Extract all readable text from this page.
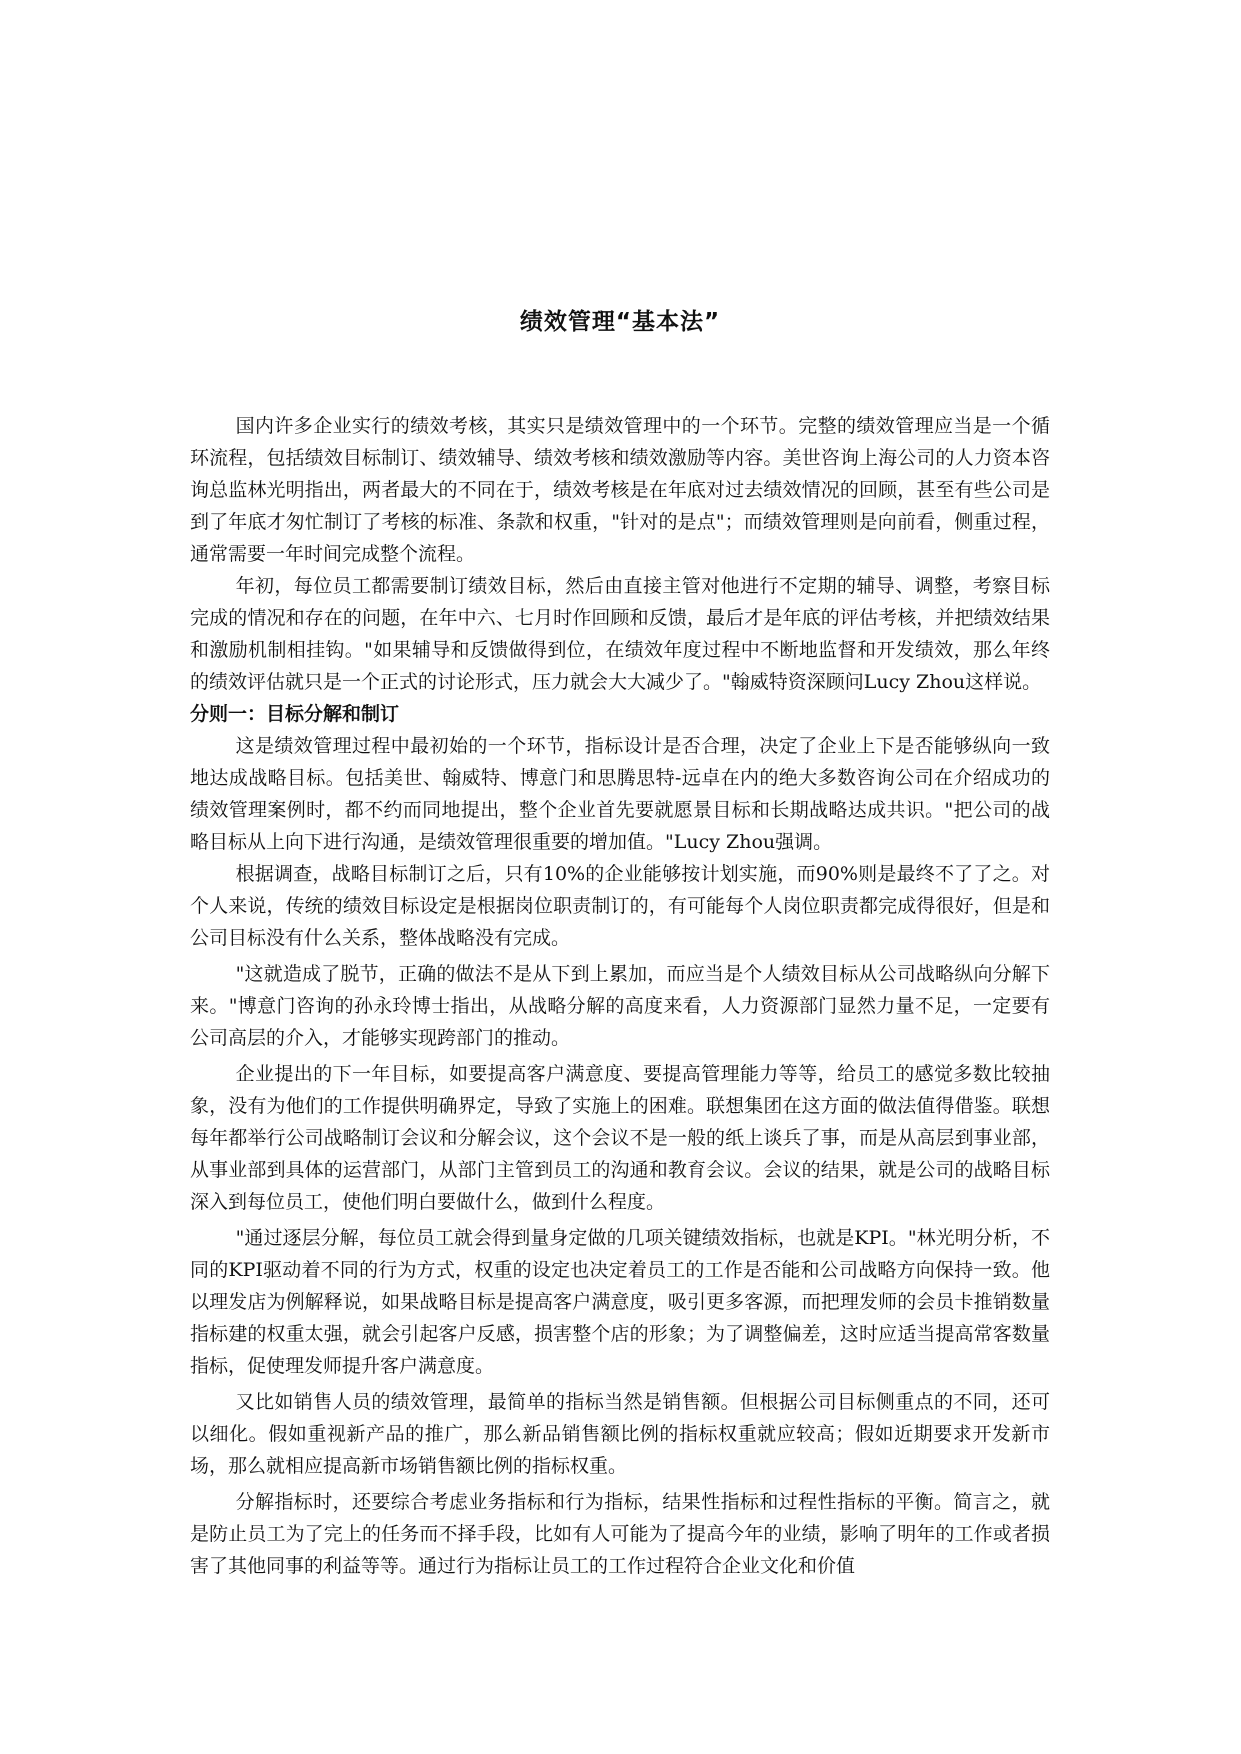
绩效管理“基本法”

国内许多企业实行的绩效考核，其实只是绩效管理中的一个环节。完整的绩效管理应当是一个循环流程，包括绩效目标制订、绩效辅导、绩效考核和绩效激励等内容。美世咨询上海公司的人力资本咨询总监林光明指出，两者最大的不同在于，绩效考核是在年底对过去绩效情况的回顾，甚至有些公司是到了年底才匆忙制订了考核的标准、条款和权重，"针对的是点"；而绩效管理则是向前看，侧重过程，通常需要一年时间完成整个流程。

年初，每位员工都需要制订绩效目标，然后由直接主管对他进行不定期的辅导、调整，考察目标完成的情况和存在的问题，在年中六、七月时作回顾和反馈，最后才是年底的评估考核，并把绩效结果和激励机制相挂钩。"如果辅导和反馈做得到位，在绩效年度过程中不断地监督和开发绩效，那么年终的绩效评估就只是一个正式的讨论形式，压力就会大大减少了。"翰威特资深顾问Lucy Zhou这样说。

分则一：目标分解和制订

这是绩效管理过程中最初始的一个环节，指标设计是否合理，决定了企业上下是否能够纵向一致地达成战略目标。包括美世、翰威特、博意门和思腾思特-远卓在内的绝大多数咨询公司在介绍成功的绩效管理案例时，都不约而同地提出，整个企业首先要就愿景目标和长期战略达成共识。"把公司的战略目标从上向下进行沟通，是绩效管理很重要的增加值。"Lucy Zhou强调。

根据调查，战略目标制订之后，只有10%的企业能够按计划实施，而90%则是最终不了了之。对个人来说，传统的绩效目标设定是根据岗位职责制订的，有可能每个人岗位职责都完成得很好，但是和公司目标没有什么关系，整体战略没有完成。

"这就造成了脱节，正确的做法不是从下到上累加，而应当是个人绩效目标从公司战略纵向分解下来。"博意门咨询的孙永玲博士指出，从战略分解的高度来看，人力资源部门显然力量不足，一定要有公司高层的介入，才能够实现跨部门的推动。

企业提出的下一年目标，如要提高客户满意度、要提高管理能力等等，给员工的感觉多数比较抽象，没有为他们的工作提供明确界定，导致了实施上的困难。联想集团在这方面的做法值得借鉴。联想每年都举行公司战略制订会议和分解会议，这个会议不是一般的纸上谈兵了事，而是从高层到事业部，从事业部到具体的运营部门，从部门主管到员工的沟通和教育会议。会议的结果，就是公司的战略目标深入到每位员工，使他们明白要做什么，做到什么程度。

"通过逐层分解，每位员工就会得到量身定做的几项关键绩效指标，也就是KPI。"林光明分析，不同的KPI驱动着不同的行为方式，权重的设定也决定着员工的工作是否能和公司战略方向保持一致。他以理发店为例解释说，如果战略目标是提高客户满意度，吸引更多客源，而把理发师的会员卡推销数量指标建的权重太强，就会引起客户反感，损害整个店的形象；为了调整偏差，这时应适当提高常客数量指标，促使理发师提升客户满意度。

又比如销售人员的绩效管理，最简单的指标当然是销售额。但根据公司目标侧重点的不同，还可以细化。假如重视新产品的推广，那么新品销售额比例的指标权重就应较高；假如近期要求开发新市场，那么就相应提高新市场销售额比例的指标权重。

分解指标时，还要综合考虑业务指标和行为指标，结果性指标和过程性指标的平衡。简言之，就是防止员工为了完上的任务而不择手段，比如有人可能为了提高今年的业绩，影响了明年的工作或者损害了其他同事的利益等等。通过行为指标让员工的工作过程符合企业文化和价值
